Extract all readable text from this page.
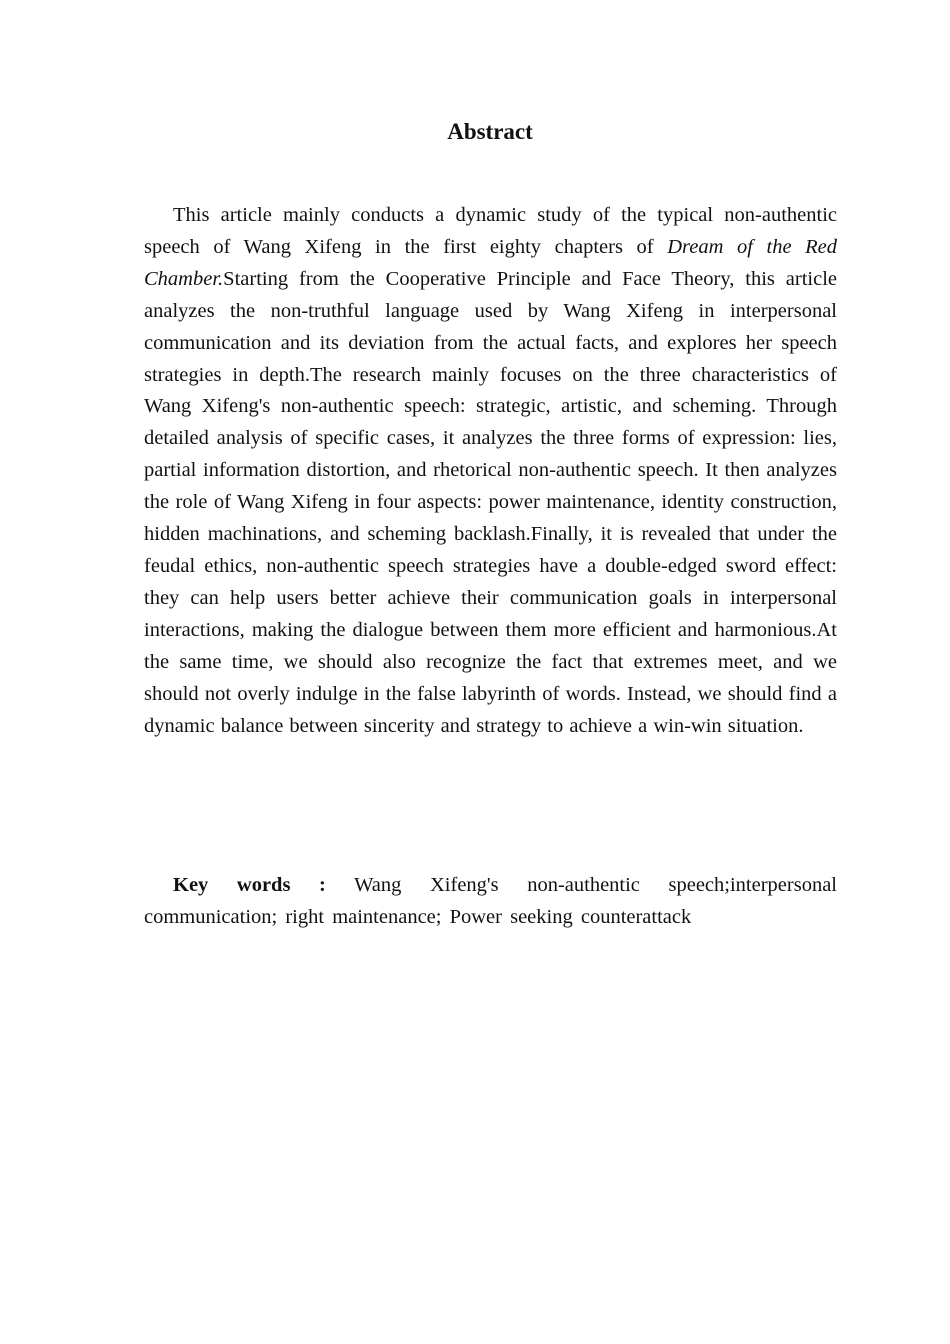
Abstract

This article mainly conducts a dynamic study of the typical non-authentic speech of Wang Xifeng in the first eighty chapters of Dream of the Red Chamber.Starting from the Cooperative Principle and Face Theory, this article analyzes the non-truthful language used by Wang Xifeng in interpersonal communication and its deviation from the actual facts, and explores her speech strategies in depth.The research mainly focuses on the three characteristics of Wang Xifeng's non-authentic speech: strategic, artistic, and scheming. Through detailed analysis of specific cases, it analyzes the three forms of expression: lies, partial information distortion, and rhetorical non-authentic speech. It then analyzes the role of Wang Xifeng in four aspects: power maintenance, identity construction, hidden machinations, and scheming backlash.Finally, it is revealed that under the feudal ethics, non-authentic speech strategies have a double-edged sword effect: they can help users better achieve their communication goals in interpersonal interactions, making the dialogue between them more efficient and harmonious.At the same time, we should also recognize the fact that extremes meet, and we should not overly indulge in the false labyrinth of words. Instead, we should find a dynamic balance between sincerity and strategy to achieve a win-win situation.

Key words : Wang Xifeng's non-authentic speech;interpersonal communication; right maintenance; Power seeking counterattack
